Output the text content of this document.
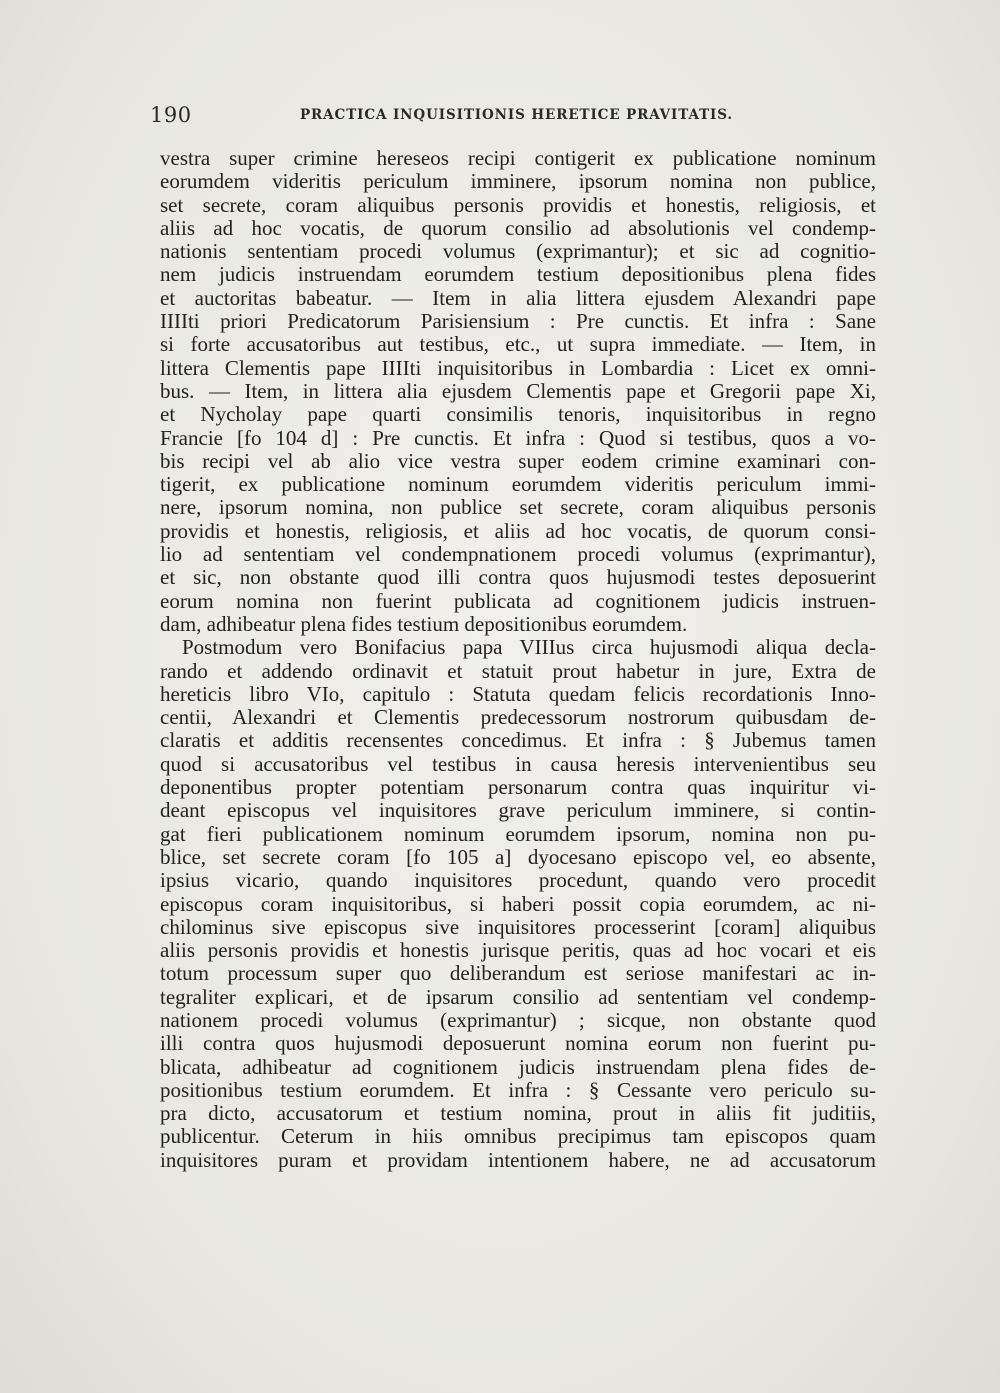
190	PRACTICA INQUISITIONIS HERETICE PRAVITATIS.
vestra super crimine hereseos recipi contigerit ex publicatione nominum
eorumdem videritis periculum imminere, ipsorum nomina non publice,
set secrete, coram aliquibus personis providis et honestis, religiosis, et
aliis ad hoc vocatis, de quorum consilio ad absolutionis vel condemp-
nationis sententiam procedi volumus (exprimantur); et sic ad cognitio-
nem judicis instruendam eorumdem testium depositionibus plena fides
et auctoritas babeatur. — Item in alia littera ejusdem Alexandri pape
IIIIti priori Predicatorum Parisiensium : Pre cunctis. Et infra : Sane
si forte accusatoribus aut testibus, etc., ut supra immediate. — Item, in
littera Clementis pape IIIIti inquisitoribus in Lombardia : Licet ex omni-
bus. — Item, in littera alia ejusdem Clementis pape et Gregorii pape Xi,
et Nycholay pape quarti consimilis tenoris, inquisitoribus in regno
Francie [fo 104 d] : Pre cunctis. Et infra : Quod si testibus, quos a vo-
bis recipi vel ab alio vice vestra super eodem crimine examinari con-
tigerit, ex publicatione nominum eorumdem videritis periculum immi-
nere, ipsorum nomina, non publice set secrete, coram aliquibus personis
providis et honestis, religiosis, et aliis ad hoc vocatis, de quorum consi-
lio ad sententiam vel condempnationem procedi volumus (exprimantur),
et sic, non obstante quod illi contra quos hujusmodi testes deposuerint
eorum nomina non fuerint publicata ad cognitionem judicis instruen-
dam, adhibeatur plena fides testium depositionibus eorumdem.
Postmodum vero Bonifacius papa VIIIus circa hujusmodi aliqua decla-
rando et addendo ordinavit et statuit prout habetur in jure, Extra de
hereticis libro VIo, capitulo : Statuta quedam felicis recordationis Inno-
centii, Alexandri et Clementis predecessorum nostrorum quibusdam de-
claratis et additis recensentes concedimus. Et infra : § Jubemus tamen
quod si accusatoribus vel testibus in causa heresis intervenientibus seu
deponentibus propter potentiam personarum contra quas inquiritur vi-
deant episcopus vel inquisitores grave periculum imminere, si contin-
gat fieri publicationem nominum eorumdem ipsorum, nomina non pu-
blice, set secrete coram [fo 105 a] dyocesano episcopo vel, eo absente,
ipsius vicario, quando inquisitores procedunt, quando vero procedit
episcopus coram inquisitoribus, si haberi possit copia eorumdem, ac ni-
chilominus sive episcopus sive inquisitores processerint [coram] aliquibus
aliis personis providis et honestis jurisque peritis, quas ad hoc vocari et eis
totum processum super quo deliberandum est seriose manifestari ac in-
tegraliter explicari, et de ipsarum consilio ad sententiam vel condemp-
nationem procedi volumus (exprimantur) ; sicque, non obstante quod
illi contra quos hujusmodi deposuerunt nomina eorum non fuerint pu-
blicata, adhibeatur ad cognitionem judicis instruendam plena fides de-
positionibus testium eorumdem. Et infra : § Cessante vero periculo su-
pra dicto, accusatorum et testium nomina, prout in aliis fit juditiis,
publicentur. Ceterum in hiis omnibus precipimus tam episcopos quam
inquisitores puram et providam intentionem habere, ne ad accusatorum
